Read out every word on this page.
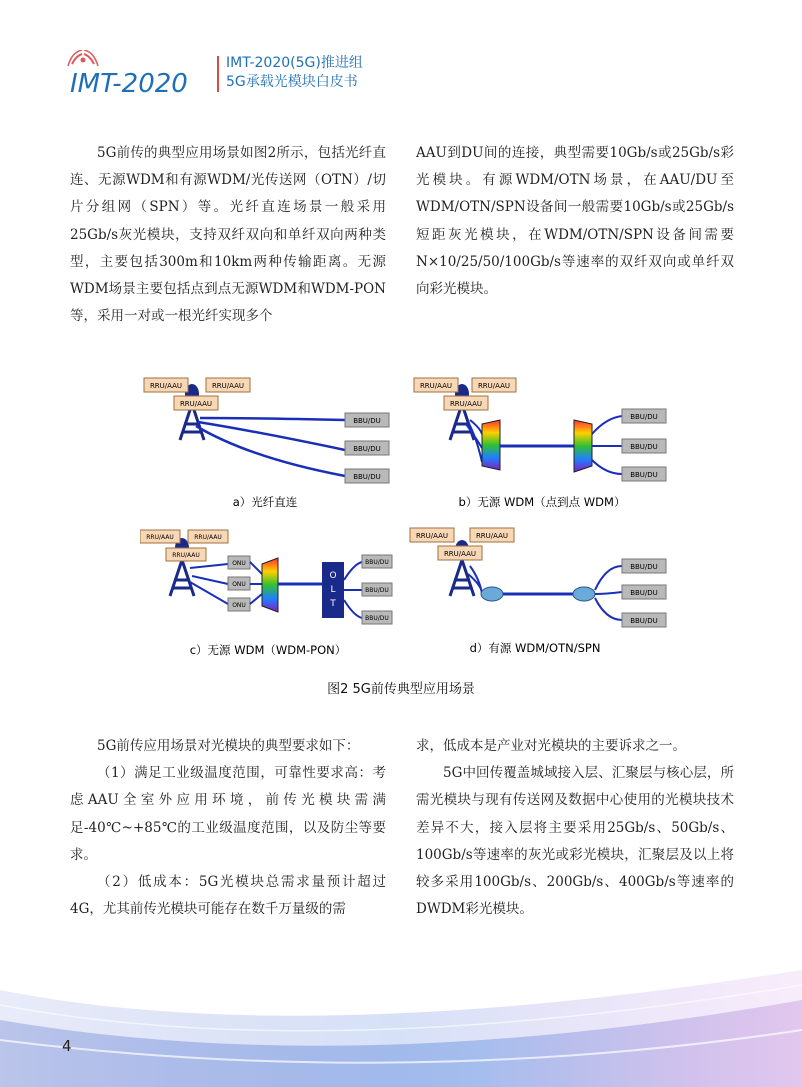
IMT-2020
IMT-2020(5G)推进组
5G承载光模块白皮书

5G前传的典型应用场景如图2所示，包括光纤直连、无源WDM和有源WDM/光传送网（OTN）/切片分组网（SPN）等。光纤直连场景一般采用25Gb/s灰光模块，支持双纤双向和单纤双向两种类型，主要包括300m和10km两种传输距离。无源WDM场景主要包括点到点无源WDM和WDM-PON等，采用一对或一根光纤实现多个

AAU到DU间的连接，典型需要10Gb/s或25Gb/s彩光模块。有源WDM/OTN场景，在AAU/DU至WDM/OTN/SPN设备间一般需要10Gb/s或25Gb/s短距灰光模块，在WDM/OTN/SPN设备间需要N×10/25/50/100Gb/s等速率的双纤双向或单纤双向彩光模块。

RRU/AAU	RRU/AAU
RRU/AAU
BBU/DU
BBU/DU
BBU/DU
a）光纤直连
RRU/AAU	RRU/AAU
RRU/AAU
BBU/DU
BBU/DU
BBU/DU
b）无源 WDM（点到点 WDM）
ONU
ONU
ONU
O
L
T
BBU/DU
BBU/DU
BBU/DU
RRU/AAU	RRU/AAU
RRU/AAU
c）无源 WDM（WDM-PON）
RRU/AAU	RRU/AAU
RRU/AAU
BBU/DU
BBU/DU
BBU/DU
d）有源 WDM/OTN/SPN
图2 5G前传典型应用场景

5G前传应用场景对光模块的典型要求如下：

（1）满足工业级温度范围，可靠性要求高：考虑AAU全室外应用环境，前传光模块需满足-40℃~+85℃的工业级温度范围，以及防尘等要求。

（2）低成本：5G光模块总需求量预计超过4G，尤其前传光模块可能存在数千万量级的需

求，低成本是产业对光模块的主要诉求之一。

5G中回传覆盖城域接入层、汇聚层与核心层，所需光模块与现有传送网及数据中心使用的光模块技术差异不大，接入层将主要采用25Gb/s、50Gb/s、100Gb/s等速率的灰光或彩光模块，汇聚层及以上将较多采用100Gb/s、200Gb/s、400Gb/s等速率的DWDM彩光模块。

4
